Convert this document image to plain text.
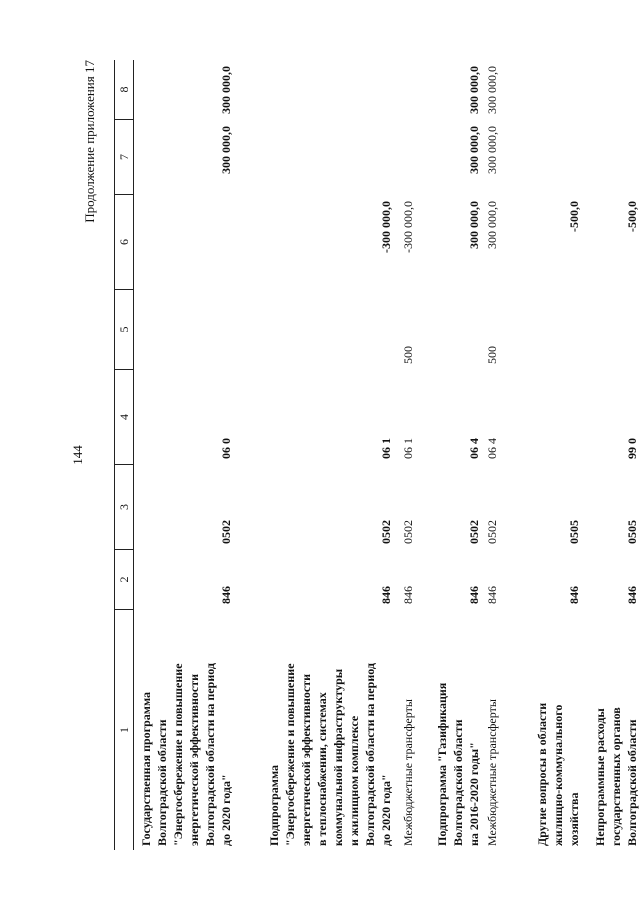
144
Продолжение приложения 17
1
2
3
4
5
6
7
8
Государственная программа Волгоградской области "Энергосбережение и повышение энергетической эффективности Волгоградской области на период до 2020 года"
846
0502
06 0
300 000,0
300 000,0
Подпрограмма "Энергосбережение и повышение энергетической эффективности в теплоснабжении, системах коммунальной инфраструктуры и жилищном комплексе Волгоградской области на период до 2020 года"
846
0502
06 1
-300 000,0
Межбюджетные трансферты
846
0502
06 1
500
-300 000,0
Подпрограмма "Газификация Волгоградской области на 2016-2020 годы"
846
0502
06 4
300 000,0
300 000,0
300 000,0
Межбюджетные трансферты
846
0502
06 4
500
300 000,0
300 000,0
300 000,0
Другие вопросы в области жилищно-коммунального хозяйства
846
0505
-500,0
Непрограммные расходы государственных органов Волгоградской области
846
0505
99 0
-500,0
